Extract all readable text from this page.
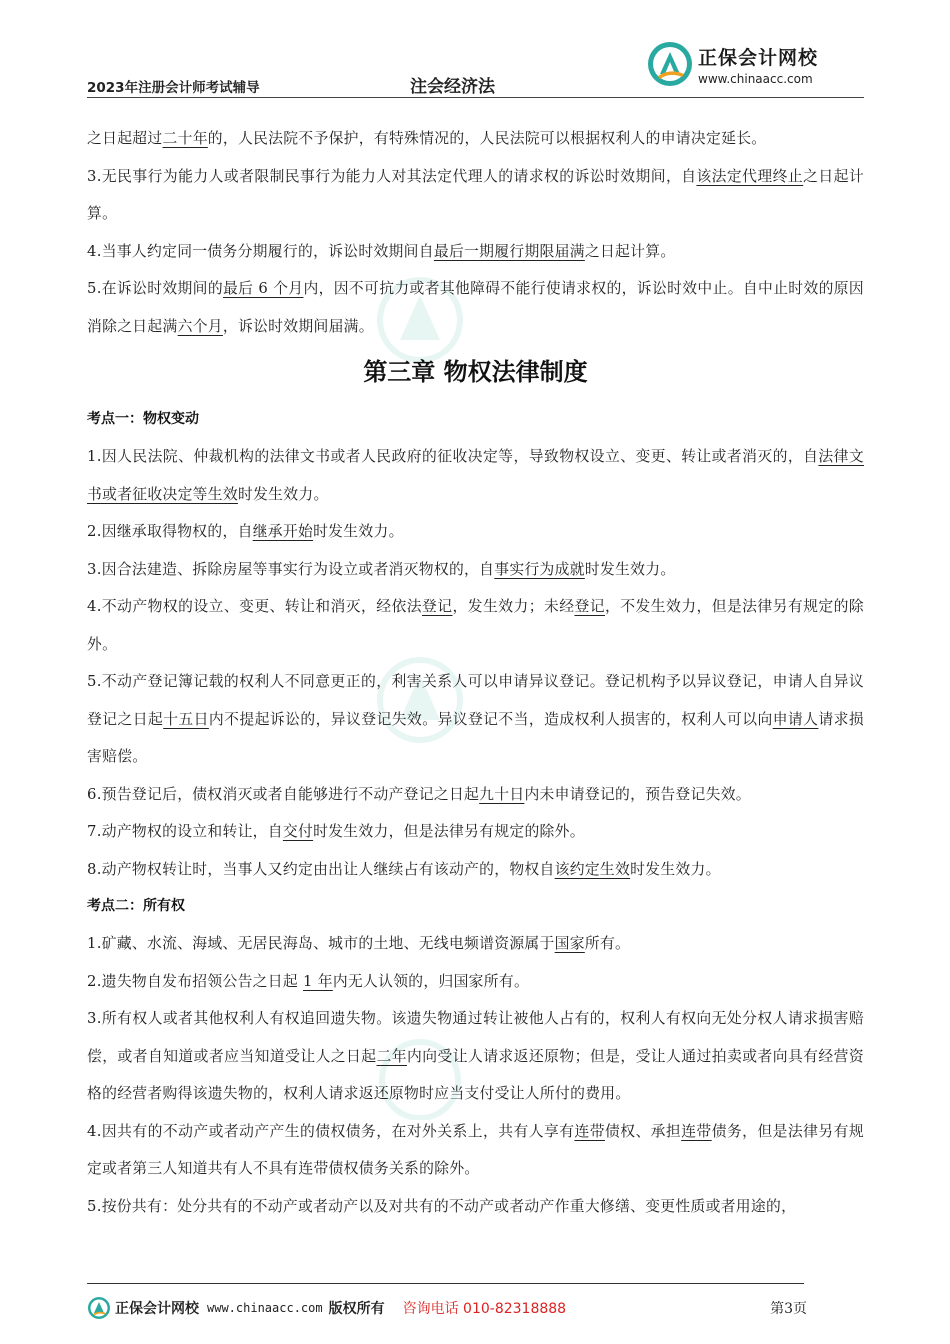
2023年注册会计师考试辅导	注会经济法
正保会计网校
www.chinaacc.com

之日起超过二十年的，人民法院不予保护，有特殊情况的，人民法院可以根据权利人的申请决定延长。

3.无民事行为能力人或者限制民事行为能力人对其法定代理人的请求权的诉讼时效期间，自该法定代理终止之日起计算。

4.当事人约定同一债务分期履行的，诉讼时效期间自最后一期履行期限届满之日起计算。

5.在诉讼时效期间的最后 6 个月内，因不可抗力或者其他障碍不能行使请求权的，诉讼时效中止。自中止时效的原因消除之日起满六个月，诉讼时效期间届满。

第三章 物权法律制度
考点一：物权变动

1.因人民法院、仲裁机构的法律文书或者人民政府的征收决定等，导致物权设立、变更、转让或者消灭的，自法律文书或者征收决定等生效时发生效力。

2.因继承取得物权的，自继承开始时发生效力。

3.因合法建造、拆除房屋等事实行为设立或者消灭物权的，自事实行为成就时发生效力。

4.不动产物权的设立、变更、转让和消灭，经依法登记，发生效力；未经登记，不发生效力，但是法律另有规定的除外。

5.不动产登记簿记载的权利人不同意更正的，利害关系人可以申请异议登记。登记机构予以异议登记，申请人自异议登记之日起十五日内不提起诉讼的，异议登记失效。异议登记不当，造成权利人损害的，权利人可以向申请人请求损害赔偿。

6.预告登记后，债权消灭或者自能够进行不动产登记之日起九十日内未申请登记的，预告登记失效。

7.动产物权的设立和转让，自交付时发生效力，但是法律另有规定的除外。

8.动产物权转让时，当事人又约定由出让人继续占有该动产的，物权自该约定生效时发生效力。

考点二：所有权

1.矿藏、水流、海域、无居民海岛、城市的土地、无线电频谱资源属于国家所有。

2.遗失物自发布招领公告之日起 1 年内无人认领的，归国家所有。

3.所有权人或者其他权利人有权追回遗失物。该遗失物通过转让被他人占有的，权利人有权向无处分权人请求损害赔偿，或者自知道或者应当知道受让人之日起二年内向受让人请求返还原物；但是，受让人通过拍卖或者向具有经营资格的经营者购得该遗失物的，权利人请求返还原物时应当支付受让人所付的费用。

4.因共有的不动产或者动产产生的债权债务，在对外关系上，共有人享有连带债权、承担连带债务，但是法律另有规定或者第三人知道共有人不具有连带债权债务关系的除外。

5.按份共有：处分共有的不动产或者动产以及对共有的不动产或者动产作重大修缮、变更性质或者用途的，

正保会计网校 www.chinaacc.com 版权所有 咨询电话 010-82318888	第3页
